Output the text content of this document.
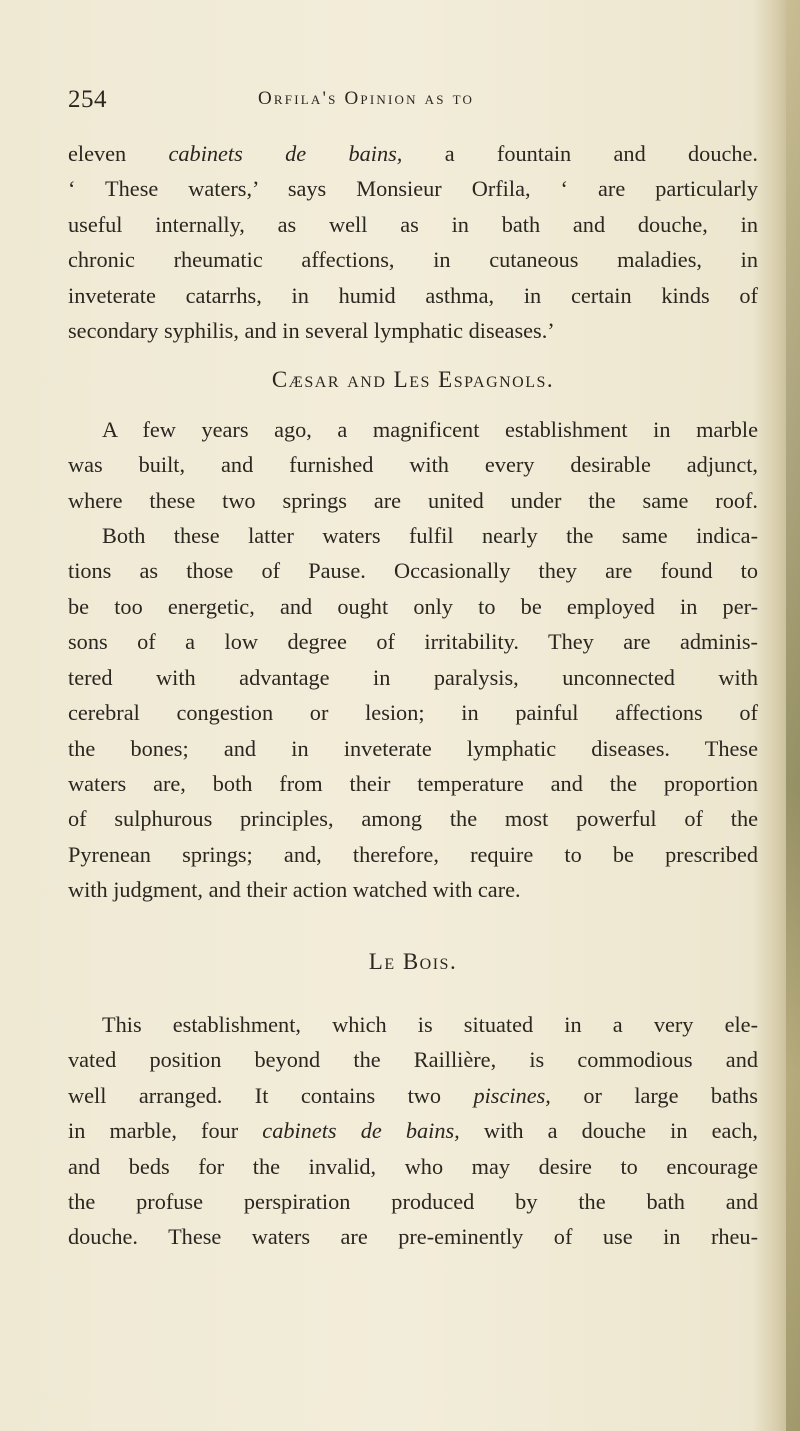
254	Orfila's Opinion as to
eleven cabinets de bains, a fountain and douche.
‘ These waters,’ says Monsieur Orfila, ‘ are particularly
useful internally, as well as in bath and douche, in
chronic rheumatic affections, in cutaneous maladies, in
inveterate catarrhs, in humid asthma, in certain kinds of
secondary syphilis, and in several lymphatic diseases.’
Cæsar and Les Espagnols.
A few years ago, a magnificent establishment in marble
was built, and furnished with every desirable adjunct,
where these two springs are united under the same roof.
Both these latter waters fulfil nearly the same indica-
tions as those of Pause. Occasionally they are found to
be too energetic, and ought only to be employed in per-
sons of a low degree of irritability. They are adminis-
tered with advantage in paralysis, unconnected with
cerebral congestion or lesion; in painful affections of
the bones; and in inveterate lymphatic diseases. These
waters are, both from their temperature and the proportion
of sulphurous principles, among the most powerful of the
Pyrenean springs; and, therefore, require to be prescribed
with judgment, and their action watched with care.
Le Bois.
This establishment, which is situated in a very ele-
vated position beyond the Raillière, is commodious and
well arranged. It contains two piscines, or large baths
in marble, four cabinets de bains, with a douche in each,
and beds for the invalid, who may desire to encourage
the profuse perspiration produced by the bath and
douche. These waters are pre-eminently of use in rheu-
